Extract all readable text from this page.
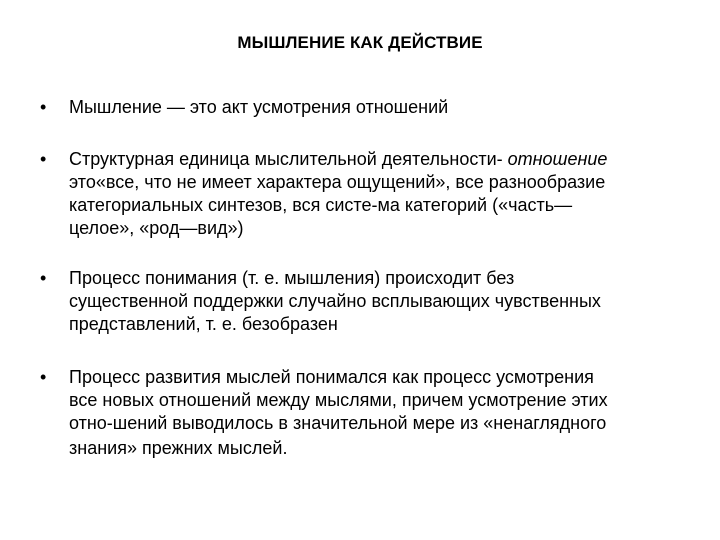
МЫШЛЕНИЕ КАК ДЕЙСТВИЕ
• Мышление — это акт усмотрения отношений
• Структурная единица мыслительной деятельности- отношение
это«все, что не имеет характера ощущений», все разнообразие
категориальных синтезов, вся систе-ма категорий («часть—
целое», «род—вид»)
• Процесс понимания (т. е. мышления) происходит без
существенной поддержки случайно всплывающих чувственных
представлений, т. е. безобразен
• Процесс развития мыслей понимался как процесс усмотрения
все новых отношений между мыслями, причем усмотрение этих
отно-шений выводилось в значительной мере из «ненаглядного
знания» прежних мыслей.
